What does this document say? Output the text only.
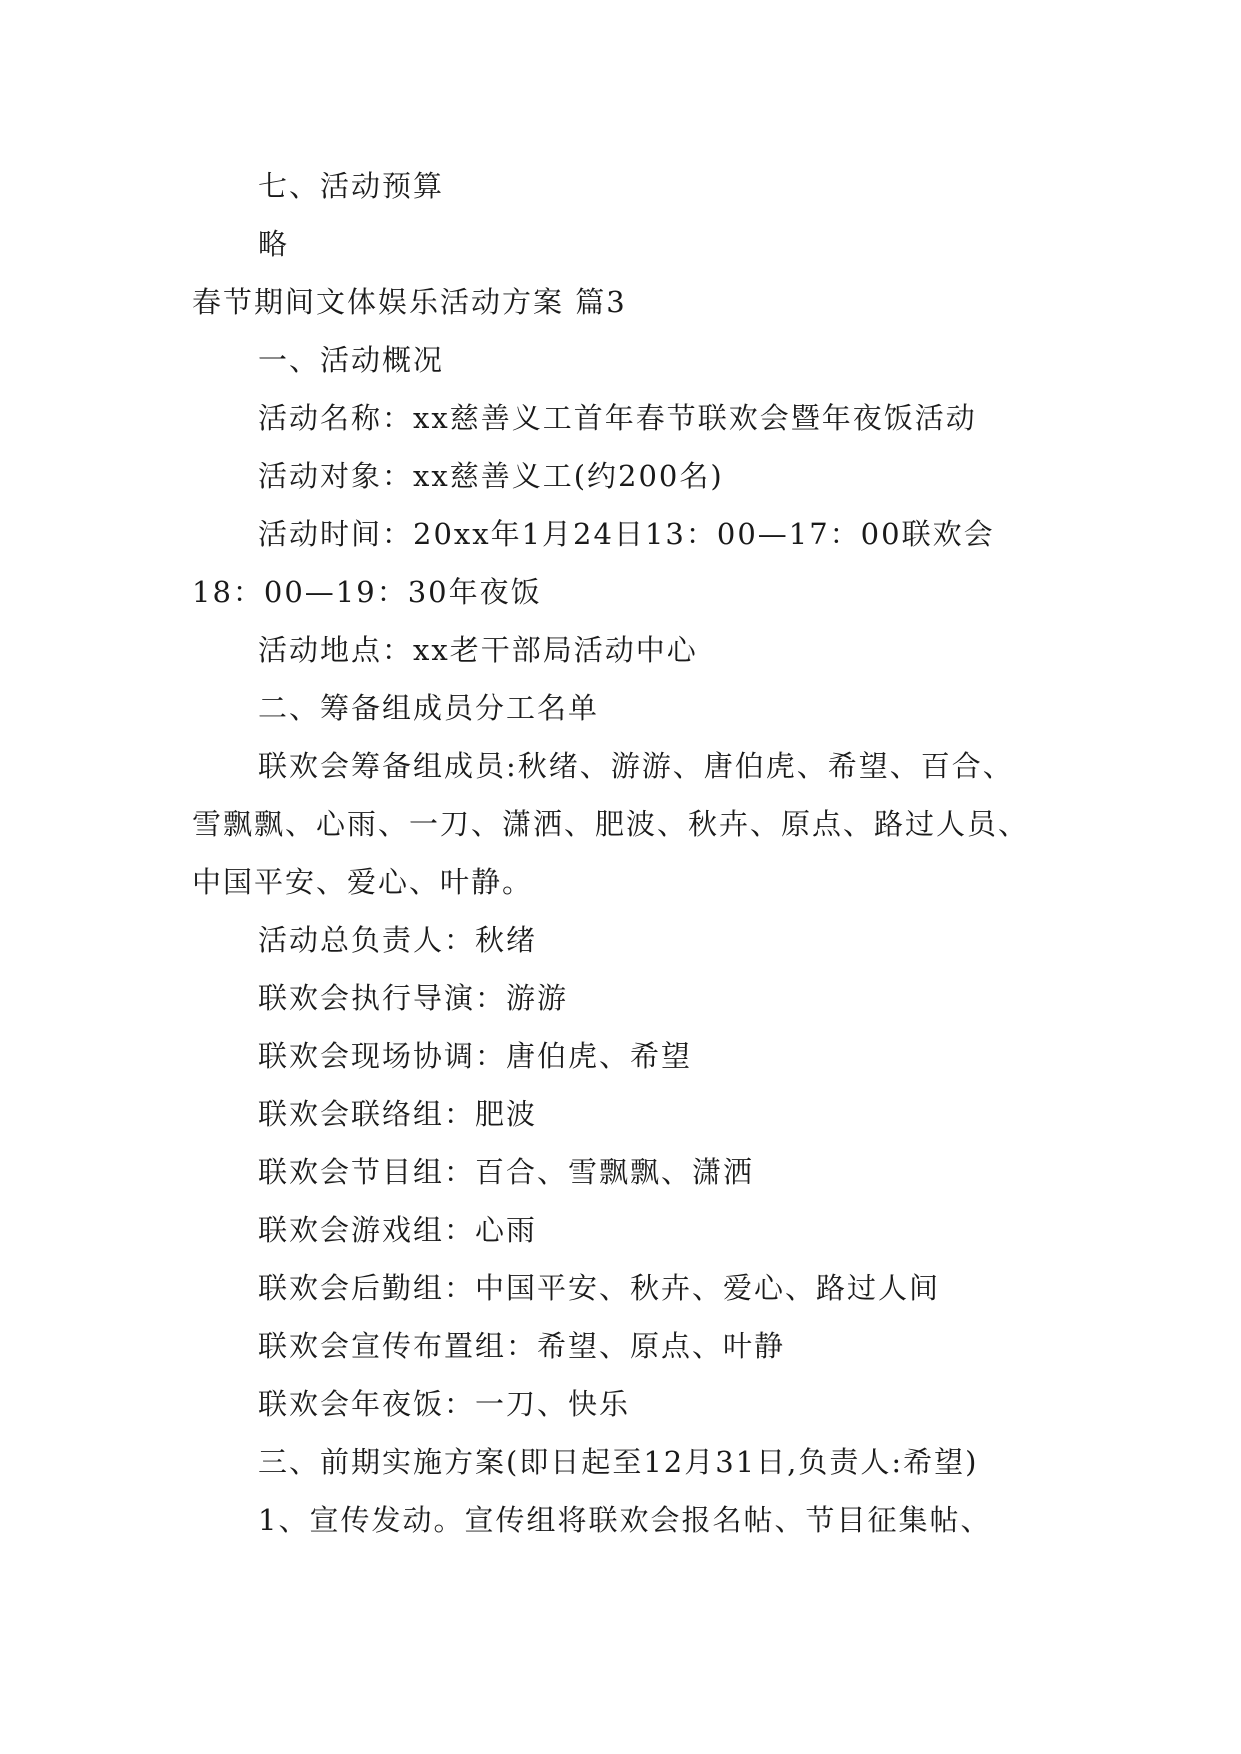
七、活动预算
略
春节期间文体娱乐活动方案 篇3
一、活动概况
活动名称：xx慈善义工首年春节联欢会暨年夜饭活动
活动对象：xx慈善义工(约200名)
活动时间：20xx年1月24日13：00—17：00联欢会
18：00—19：30年夜饭
活动地点：xx老干部局活动中心
二、筹备组成员分工名单
联欢会筹备组成员:秋绪、游游、唐伯虎、希望、百合、
雪飘飘、心雨、一刀、潇洒、肥波、秋卉、原点、路过人员、
中国平安、爱心、叶静。
活动总负责人：秋绪
联欢会执行导演：游游
联欢会现场协调：唐伯虎、希望
联欢会联络组：肥波
联欢会节目组：百合、雪飘飘、潇洒
联欢会游戏组：心雨
联欢会后勤组：中国平安、秋卉、爱心、路过人间
联欢会宣传布置组：希望、原点、叶静
联欢会年夜饭：一刀、快乐
三、前期实施方案(即日起至12月31日,负责人:希望)
1、宣传发动。宣传组将联欢会报名帖、节目征集帖、
